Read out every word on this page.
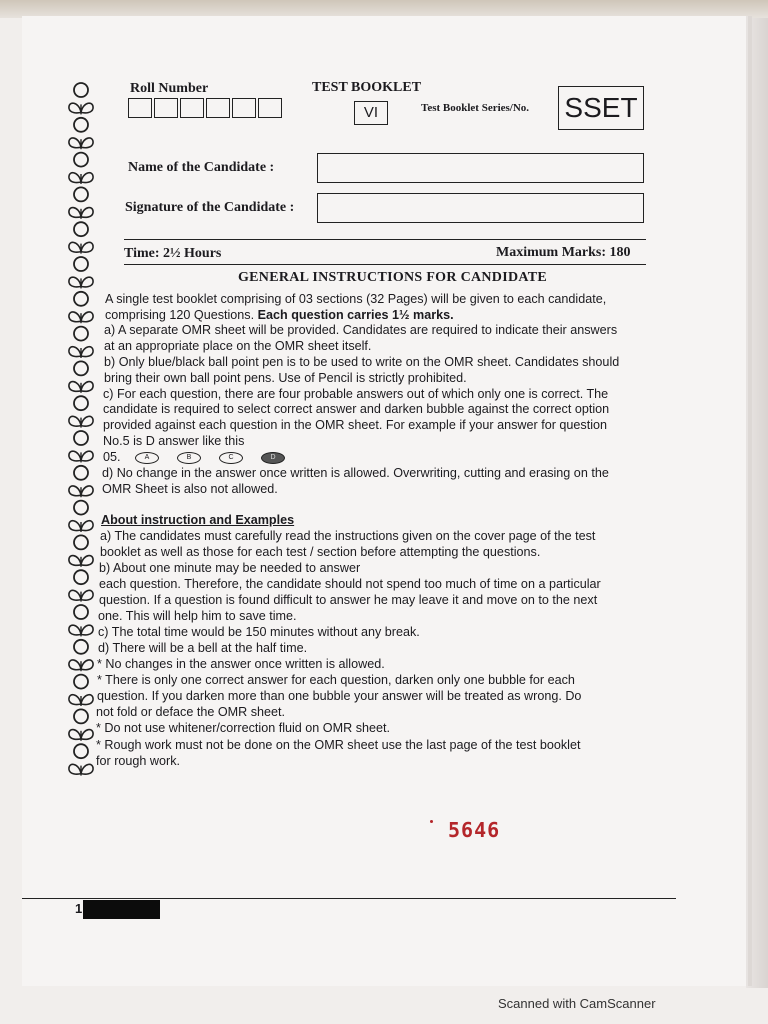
Roll Number	TEST BOOKLET
VI	Test Booklet Series/No. SSET
Name of the Candidate :
Signature of the Candidate :
Time: 2½ Hours	Maximum Marks: 180
GENERAL INSTRUCTIONS FOR CANDIDATE
A single test booklet comprising of 03 sections (32 Pages) will be given to each candidate,
comprising 120 Questions. Each question carries 1½ marks.
a) A separate OMR sheet will be provided. Candidates are required to indicate their answers
at an appropriate place on the OMR sheet itself.
b) Only blue/black ball point pen is to be used to write on the OMR sheet. Candidates should
bring their own ball point pens. Use of Pencil is strictly prohibited.
c) For each question, there are four probable answers out of which only one is correct. The
candidate is required to select correct answer and darken bubble against the correct option
provided against each question in the OMR sheet. For example if your answer for question
No.5 is D answer like this
05.	A	B	C	D
d) No change in the answer once written is allowed. Overwriting, cutting and erasing on the
OMR Sheet is also not allowed.
About instruction and Examples
a) The candidates must carefully read the instructions given on the cover page of the test
booklet as well as those for each test / section before attempting the questions.
b) About one minute may be needed to answer
each question. Therefore, the candidate should not spend too much of time on a particular
question. If a question is found difficult to answer he may leave it and move on to the next
one. This will help him to save time.
c) The total time would be 150 minutes without any break.
d) There will be a bell at the half time.
* No changes in the answer once written is allowed.
* There is only one correct answer for each question, darken only one bubble for each
question. If you darken more than one bubble your answer will be treated as wrong. Do
not fold or deface the OMR sheet.
* Do not use whitener/correction fluid on OMR sheet.
* Rough work must not be done on the OMR sheet use the last page of the test booklet
for rough work.
5646
1
Scanned with CamScanner
